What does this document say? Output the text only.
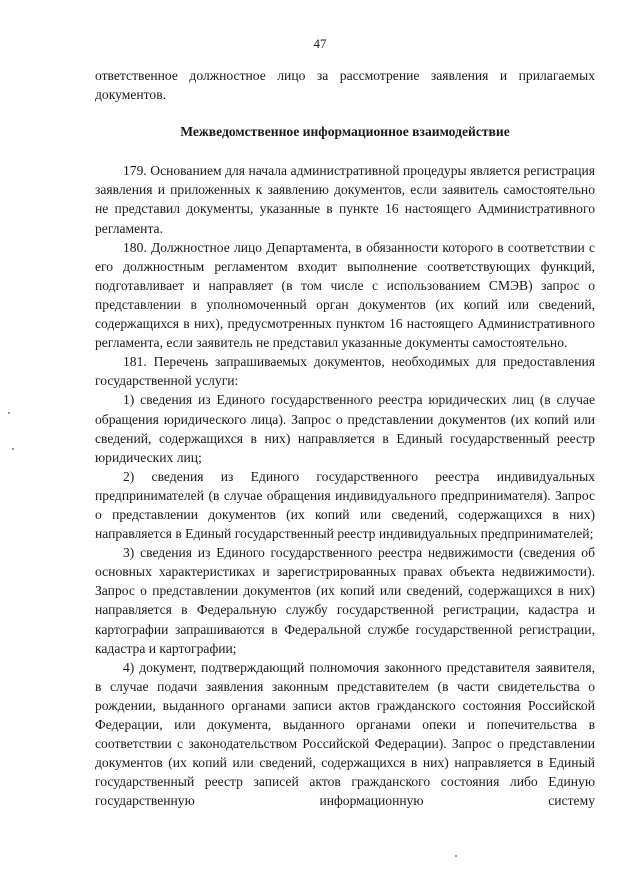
47

ответственное должностное лицо за рассмотрение заявления и прилагаемых документов.

Межведомственное информационное взаимодействие

179. Основанием для начала административной процедуры является регистрация заявления и приложенных к заявлению документов, если заявитель самостоятельно не представил документы, указанные в пункте 16 настоящего Административного регламента.

180. Должностное лицо Департамента, в обязанности которого в соответствии с его должностным регламентом входит выполнение соответствующих функций, подготавливает и направляет (в том числе с использованием СМЭВ) запрос о представлении в уполномоченный орган документов (их копий или сведений, содержащихся в них), предусмотренных пунктом 16 настоящего Административного регламента, если заявитель не представил указанные документы самостоятельно.

181. Перечень запрашиваемых документов, необходимых для предоставления государственной услуги:

1) сведения из Единого государственного реестра юридических лиц (в случае обращения юридического лица). Запрос о представлении документов (их копий или сведений, содержащихся в них) направляется в Единый государственный реестр юридических лиц;

2) сведения из Единого государственного реестра индивидуальных предпринимателей (в случае обращения индивидуального предпринимателя). Запрос о представлении документов (их копий или сведений, содержащихся в них) направляется в Единый государственный реестр индивидуальных предпринимателей;

3) сведения из Единого государственного реестра недвижимости (сведения об основных характеристиках и зарегистрированных правах объекта недвижимости). Запрос о представлении документов (их копий или сведений, содержащихся в них) направляется в Федеральную службу государственной регистрации, кадастра и картографии запрашиваются в Федеральной службе государственной регистрации, кадастра и картографии;

4) документ, подтверждающий полномочия законного представителя заявителя, в случае подачи заявления законным представителем (в части свидетельства о рождении, выданного органами записи актов гражданского состояния Российской Федерации, или документа, выданного органами опеки и попечительства в соответствии с законодательством Российской Федерации). Запрос о представлении документов (их копий или сведений, содержащихся в них) направляется в Единый государственный реестр записей актов гражданского состояния либо Единую государственную информационную систему
